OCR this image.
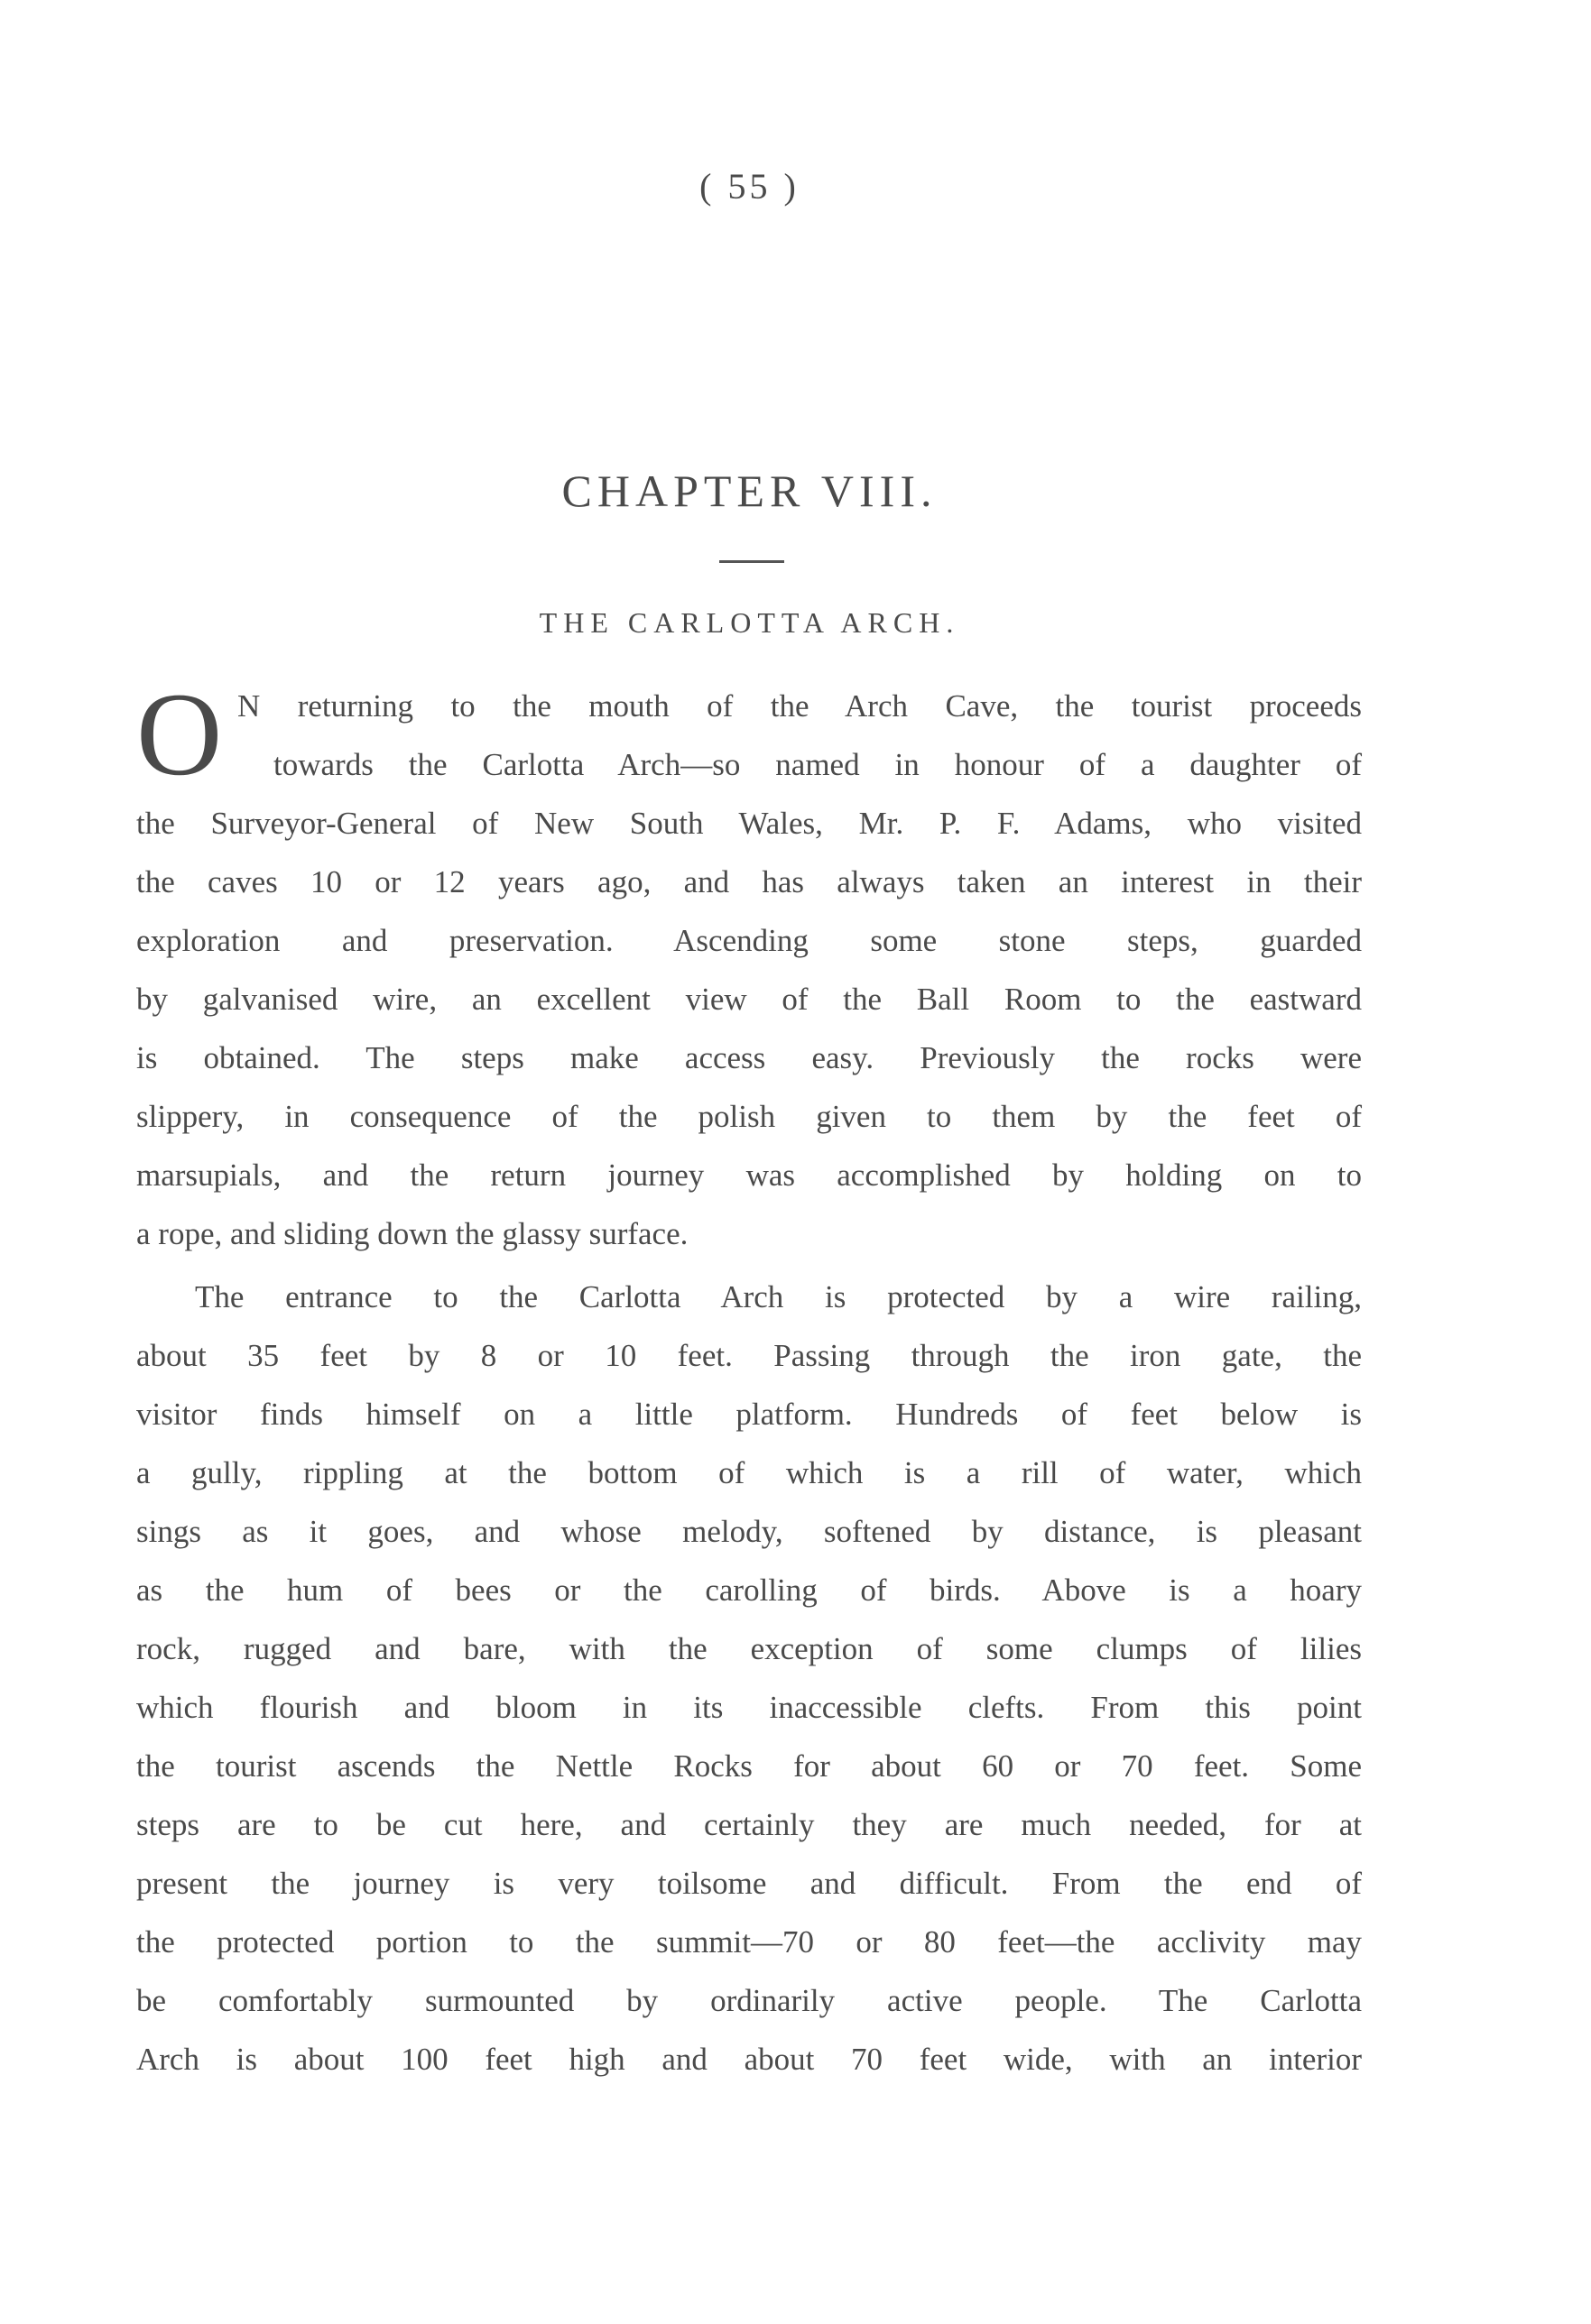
( 55 )
CHAPTER VIII.
THE CARLOTTA ARCH.
O N returning to the mouth of the Arch Cave, the tourist proceeds
towards the Carlotta Arch—so named in honour of a daughter of
the Surveyor-General of New South Wales, Mr. P. F. Adams, who visited
the caves 10 or 12 years ago, and has always taken an interest in their
exploration and preservation. Ascending some stone steps, guarded
by galvanised wire, an excellent view of the Ball Room to the eastward
is obtained. The steps make access easy. Previously the rocks were
slippery, in consequence of the polish given to them by the feet of
marsupials, and the return journey was accomplished by holding on to
a rope, and sliding down the glassy surface.
The entrance to the Carlotta Arch is protected by a wire railing,
about 35 feet by 8 or 10 feet. Passing through the iron gate, the
visitor finds himself on a little platform. Hundreds of feet below is
a gully, rippling at the bottom of which is a rill of water, which
sings as it goes, and whose melody, softened by distance, is pleasant
as the hum of bees or the carolling of birds. Above is a hoary
rock, rugged and bare, with the exception of some clumps of lilies
which flourish and bloom in its inaccessible clefts. From this point
the tourist ascends the Nettle Rocks for about 60 or 70 feet. Some
steps are to be cut here, and certainly they are much needed, for at
present the journey is very toilsome and difficult. From the end of
the protected portion to the summit—70 or 80 feet—the acclivity may
be comfortably surmounted by ordinarily active people. The Carlotta
Arch is about 100 feet high and about 70 feet wide, with an interior
